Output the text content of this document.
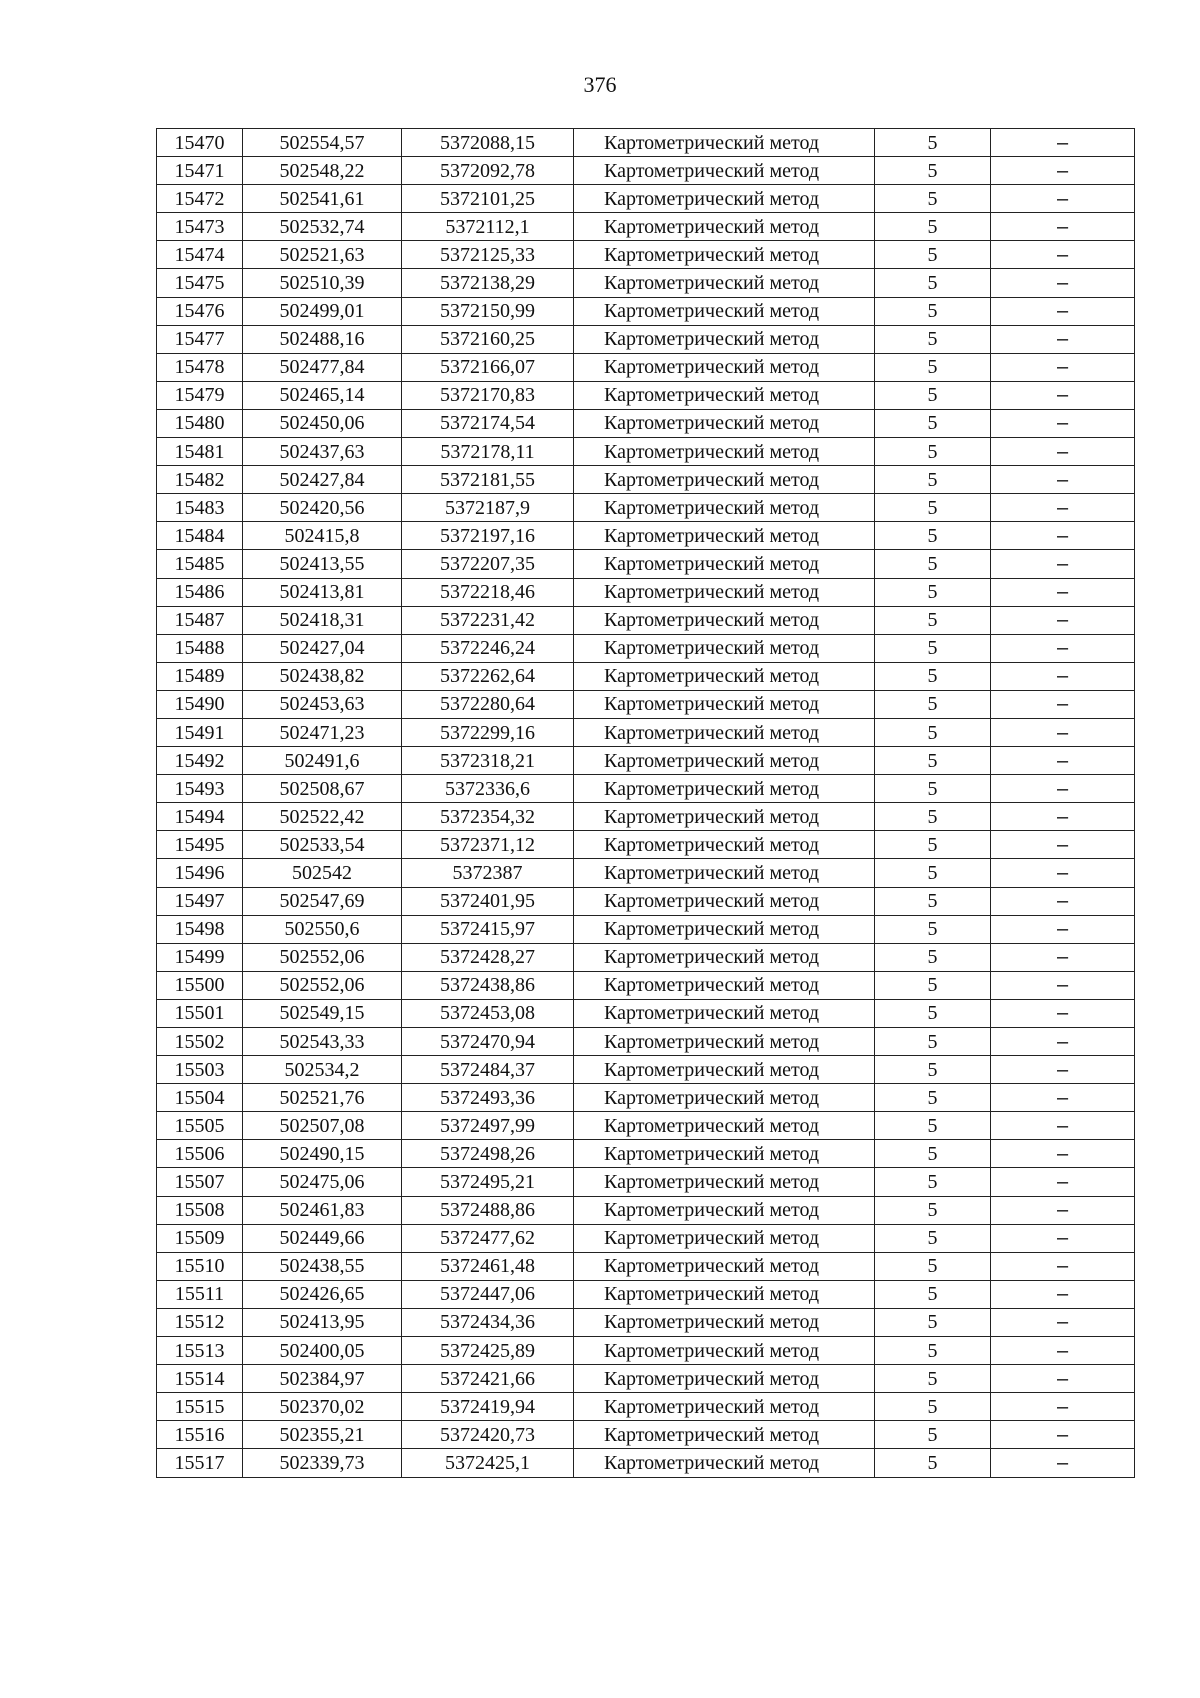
376
15470	502554,57	5372088,15	Картометрический метод	5	–
15471	502548,22	5372092,78	Картометрический метод	5	–
15472	502541,61	5372101,25	Картометрический метод	5	–
15473	502532,74	5372112,1	Картометрический метод	5	–
15474	502521,63	5372125,33	Картометрический метод	5	–
15475	502510,39	5372138,29	Картометрический метод	5	–
15476	502499,01	5372150,99	Картометрический метод	5	–
15477	502488,16	5372160,25	Картометрический метод	5	–
15478	502477,84	5372166,07	Картометрический метод	5	–
15479	502465,14	5372170,83	Картометрический метод	5	–
15480	502450,06	5372174,54	Картометрический метод	5	–
15481	502437,63	5372178,11	Картометрический метод	5	–
15482	502427,84	5372181,55	Картометрический метод	5	–
15483	502420,56	5372187,9	Картометрический метод	5	–
15484	502415,8	5372197,16	Картометрический метод	5	–
15485	502413,55	5372207,35	Картометрический метод	5	–
15486	502413,81	5372218,46	Картометрический метод	5	–
15487	502418,31	5372231,42	Картометрический метод	5	–
15488	502427,04	5372246,24	Картометрический метод	5	–
15489	502438,82	5372262,64	Картометрический метод	5	–
15490	502453,63	5372280,64	Картометрический метод	5	–
15491	502471,23	5372299,16	Картометрический метод	5	–
15492	502491,6	5372318,21	Картометрический метод	5	–
15493	502508,67	5372336,6	Картометрический метод	5	–
15494	502522,42	5372354,32	Картометрический метод	5	–
15495	502533,54	5372371,12	Картометрический метод	5	–
15496	502542	5372387	Картометрический метод	5	–
15497	502547,69	5372401,95	Картометрический метод	5	–
15498	502550,6	5372415,97	Картометрический метод	5	–
15499	502552,06	5372428,27	Картометрический метод	5	–
15500	502552,06	5372438,86	Картометрический метод	5	–
15501	502549,15	5372453,08	Картометрический метод	5	–
15502	502543,33	5372470,94	Картометрический метод	5	–
15503	502534,2	5372484,37	Картометрический метод	5	–
15504	502521,76	5372493,36	Картометрический метод	5	–
15505	502507,08	5372497,99	Картометрический метод	5	–
15506	502490,15	5372498,26	Картометрический метод	5	–
15507	502475,06	5372495,21	Картометрический метод	5	–
15508	502461,83	5372488,86	Картометрический метод	5	–
15509	502449,66	5372477,62	Картометрический метод	5	–
15510	502438,55	5372461,48	Картометрический метод	5	–
15511	502426,65	5372447,06	Картометрический метод	5	–
15512	502413,95	5372434,36	Картометрический метод	5	–
15513	502400,05	5372425,89	Картометрический метод	5	–
15514	502384,97	5372421,66	Картометрический метод	5	–
15515	502370,02	5372419,94	Картометрический метод	5	–
15516	502355,21	5372420,73	Картометрический метод	5	–
15517	502339,73	5372425,1	Картометрический метод	5	–
